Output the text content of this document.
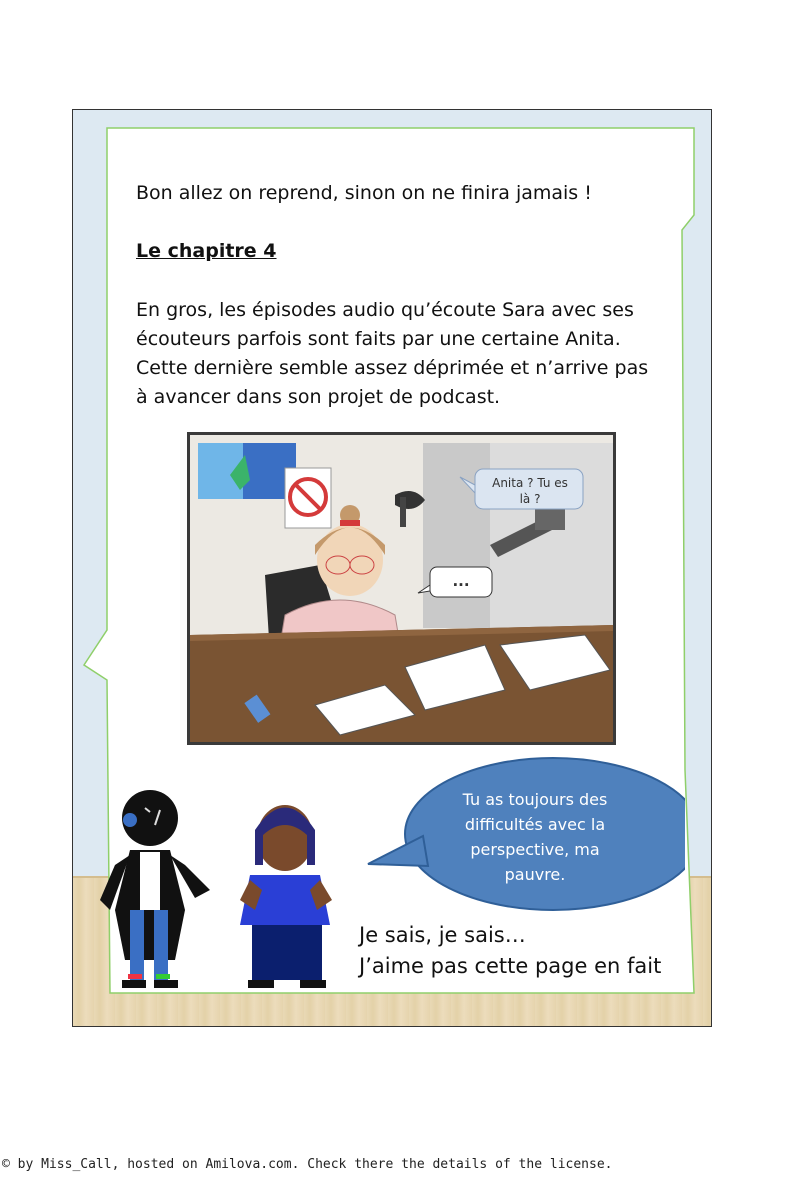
Bon allez on reprend, sinon on ne finira jamais !
Le chapitre 4
En gros, les épisodes audio qu’écoute Sara avec ses
écouteurs parfois sont faits par une certaine Anita.
Cette dernière semble assez déprimée et n’arrive pas
à avancer dans son projet de podcast.
Anita ? Tu es
là ?
...
Tu as toujours des
difficultés avec la
perspective, ma
pauvre.
Je sais, je sais…
J’aime pas cette page en fait
© by Miss_Call, hosted on Amilova.com. Check there the details of the license.
